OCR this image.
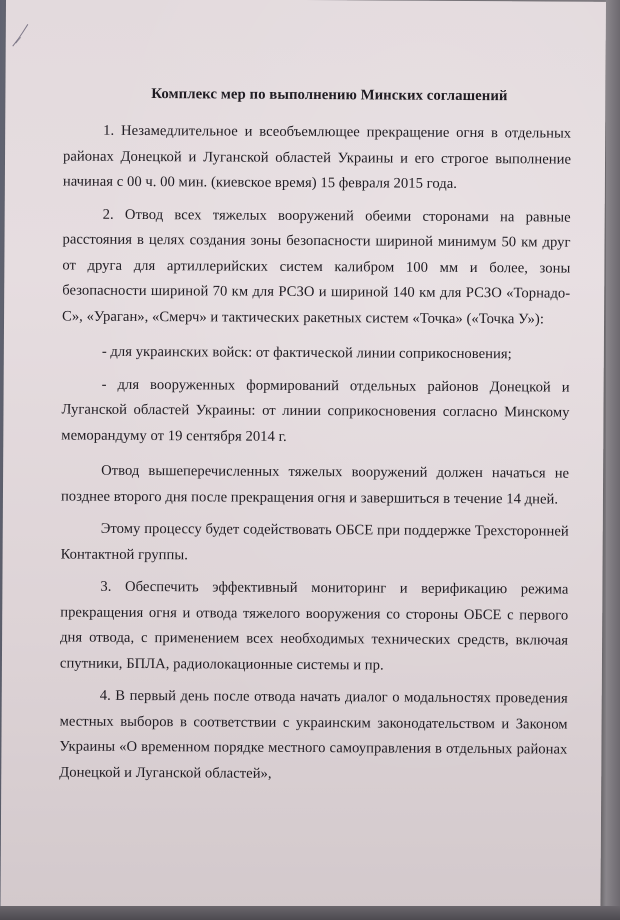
Комплекс мер по выполнению Минских соглашений
1. Незамедлительное и всеобъемлющее прекращение огня в отдельных районах Донецкой и Луганской областей Украины и его строгое выполнение начиная с 00 ч. 00 мин. (киевское время) 15 февраля 2015 года.
2. Отвод всех тяжелых вооружений обеими сторонами на равные расстояния в целях создания зоны безопасности шириной минимум 50 км друг от друга для артиллерийских систем калибром 100 мм и более, зоны безопасности шириной 70 км для РСЗО и шириной 140 км для РСЗО «Торнадо-С», «Ураган», «Смерч» и тактических ракетных систем «Точка» («Точка У»):
- для украинских войск: от фактической линии соприкосновения;
- для вооруженных формирований отдельных районов Донецкой и Луганской областей Украины: от линии соприкосновения согласно Минскому меморандуму от 19 сентября 2014 г.
Отвод вышеперечисленных тяжелых вооружений должен начаться не позднее второго дня после прекращения огня и завершиться в течение 14 дней.
Этому процессу будет содействовать ОБСЕ при поддержке Трехсторонней Контактной группы.
3. Обеспечить эффективный мониторинг и верификацию режима прекращения огня и отвода тяжелого вооружения со стороны ОБСЕ с первого дня отвода, с применением всех необходимых технических средств, включая спутники, БПЛА, радиолокационные системы и пр.
4. В первый день после отвода начать диалог о модальностях проведения местных выборов в соответствии с украинским законодательством и Законом Украины «О временном порядке местного самоуправления в отдельных районах Донецкой и Луганской областей»,
